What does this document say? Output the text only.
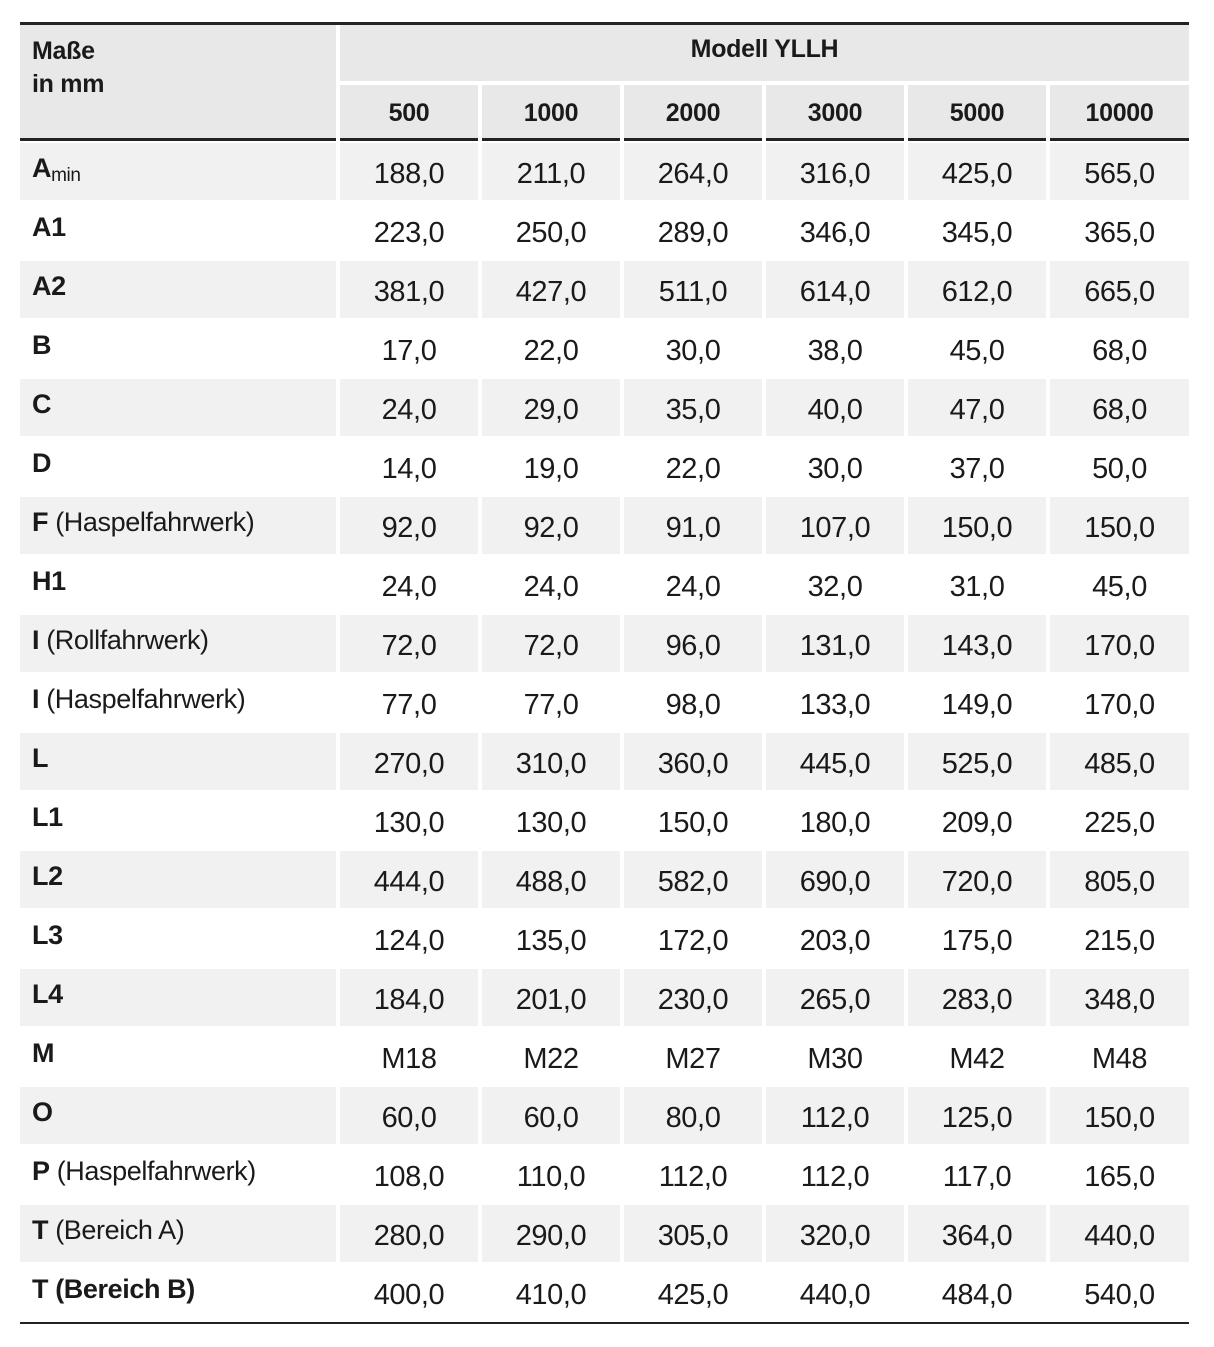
Maße
in mm
Modell YLLH
500	1000	2000	3000	5000	10000
$A_{min}$	188,0	211,0	264,0	316,0	425,0	565,0
A1	223,0	250,0	289,0	346,0	345,0	365,0
A2	381,0	427,0	511,0	614,0	612,0	665,0
B	17,0	22,0	30,0	38,0	45,0	68,0
C	24,0	29,0	35,0	40,0	47,0	68,0
D	14,0	19,0	22,0	30,0	37,0	50,0
F (Haspelfahrwerk)	92,0	92,0	91,0	107,0	150,0	150,0
H1	24,0	24,0	24,0	32,0	31,0	45,0
I (Rollfahrwerk)	72,0	72,0	96,0	131,0	143,0	170,0
I (Haspelfahrwerk)	77,0	77,0	98,0	133,0	149,0	170,0
L	270,0	310,0	360,0	445,0	525,0	485,0
L1	130,0	130,0	150,0	180,0	209,0	225,0
L2	444,0	488,0	582,0	690,0	720,0	805,0
L3	124,0	135,0	172,0	203,0	175,0	215,0
L4	184,0	201,0	230,0	265,0	283,0	348,0
M	M18	M22	M27	M30	M42	M48
O	60,0	60,0	80,0	112,0	125,0	150,0
P (Haspelfahrwerk)	108,0	110,0	112,0	112,0	117,0	165,0
T (Bereich A)	280,0	290,0	305,0	320,0	364,0	440,0
T (Bereich B)	400,0	410,0	425,0	440,0	484,0	540,0
